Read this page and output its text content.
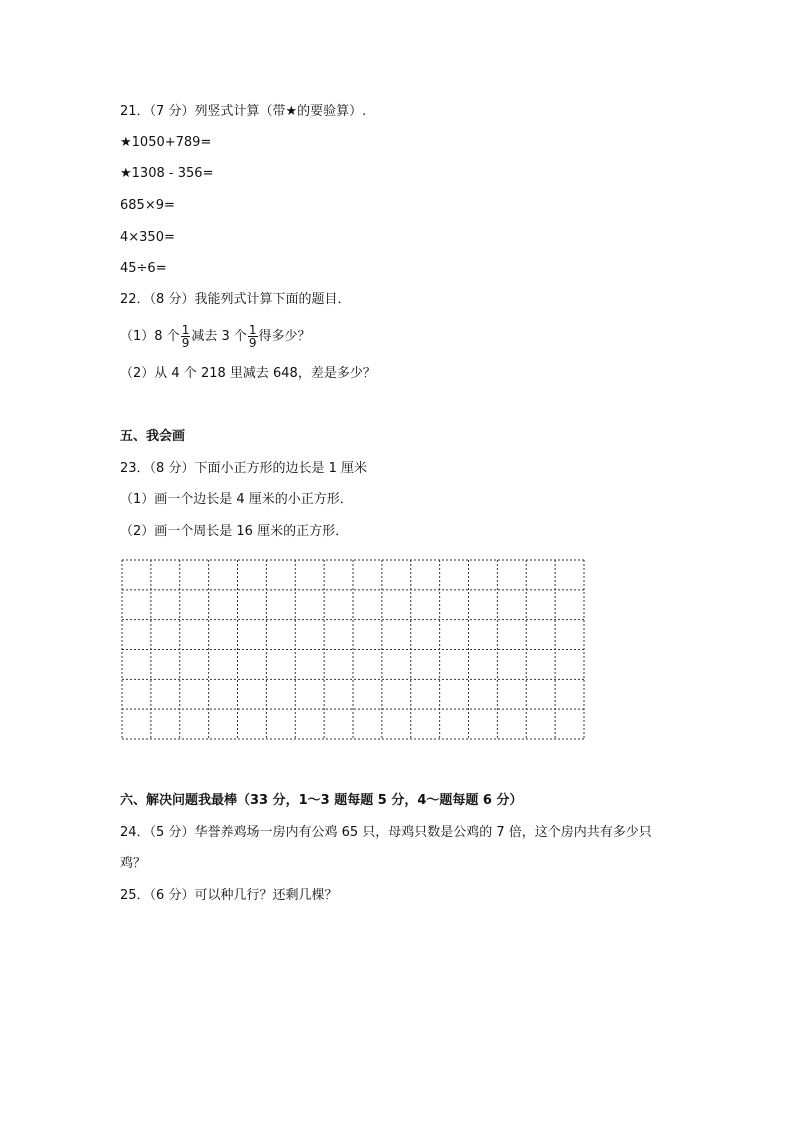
21．（7 分）列竖式计算（带★的要验算）.
★1050+789=
★1308 - 356=
685×9=
4×350=
45÷6=
22．（8 分）我能列式计算下面的题目．
（1）8 个 $\frac{1}{9}$ 减去 3 个 $\frac{1}{9}$ 得多少？
（2）从 4 个 218 里减去 648，差是多少？
五、我会画
23．（8 分）下面小正方形的边长是 1 厘米
（1）画一个边长是 4 厘米的小正方形．
（2）画一个周长是 16 厘米的正方形．
六、解决问题我最棒（33 分，1～3 题每题 5 分，4～题每题 6 分）
24．（5 分）华誉养鸡场一房内有公鸡 65 只，母鸡只数是公鸡的 7 倍，这个房内共有多少只
鸡？
25．（6 分）可以种几行？还剩几棵？
